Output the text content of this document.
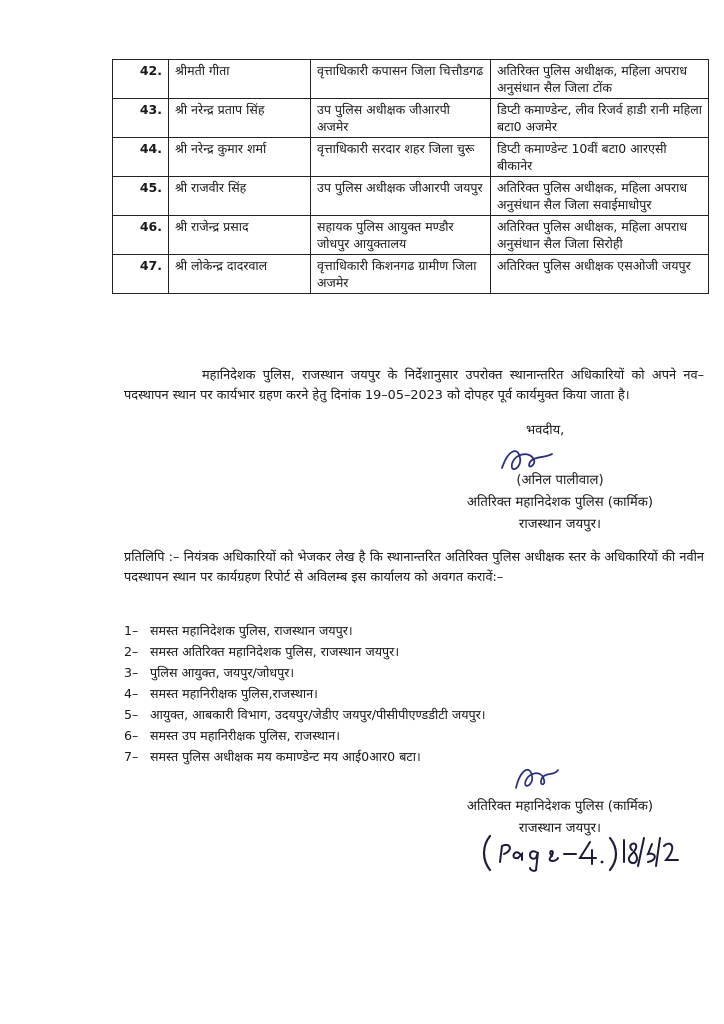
42.	श्रीमती गीता	वृत्ताधिकारी कपासन जिला चित्तौडगढ	अतिरिक्त पुलिस अधीक्षक, महिला अपराध अनुसंधान सैल जिला टोंक
43.	श्री नरेन्द्र प्रताप सिंह	उप पुलिस अधीक्षक जीआरपी अजमेर	डिप्टी कमाण्डेन्ट, लीव रिजर्व हाडी रानी महिला बटा0 अजमेर
44.	श्री नरेन्द्र कुमार शर्मा	वृत्ताधिकारी सरदार शहर जिला चुरू	डिप्टी कमाण्डेन्ट 10वीं बटा0 आरएसी बीकानेर
45.	श्री राजवीर सिंह	उप पुलिस अधीक्षक जीआरपी जयपुर	अतिरिक्त पुलिस अधीक्षक, महिला अपराध अनुसंधान सैल जिला सवाईमाधोपुर
46.	श्री राजेन्द्र प्रसाद	सहायक पुलिस आयुक्त मण्डौर जोधपुर आयुक्तालय	अतिरिक्त पुलिस अधीक्षक, महिला अपराध अनुसंधान सैल जिला सिरोही
47.	श्री लोकेन्द्र दादरवाल	वृत्ताधिकारी किशनगढ ग्रामीण जिला अजमेर	अतिरिक्त पुलिस अधीक्षक एसओजी जयपुर
महानिदेशक पुलिस, राजस्थान जयपुर के निर्देशानुसार उपरोक्त स्थानान्तरित अधिकारियों को अपने नव–पदस्थापन स्थान पर कार्यभार ग्रहण करने हेतु दिनांक 19–05–2023 को दोपहर पूर्व कार्यमुक्त किया जाता है।
भवदीय,
(अनिल पालीवाल)
अतिरिक्त महानिदेशक पुलिस (कार्मिक)
राजस्थान जयपुर।
प्रतिलिपि :– नियंत्रक अधिकारियों को भेजकर लेख है कि स्थानान्तरित अतिरिक्त पुलिस अधीक्षक स्तर के अधिकारियों की नवीन पदस्थापन स्थान पर कार्यग्रहण रिपोर्ट से अविलम्ब इस कार्यालय को अवगत करावें:–
1– समस्त महानिदेशक पुलिस, राजस्थान जयपुर।
2– समस्त अतिरिक्त महानिदेशक पुलिस, राजस्थान जयपुर।
3– पुलिस आयुक्त, जयपुर/जोधपुर।
4– समस्त महानिरीक्षक पुलिस,राजस्थान।
5– आयुक्त, आबकारी विभाग, उदयपुर/जेडीए जयपुर/पीसीपीएण्डडीटी जयपुर।
6– समस्त उप महानिरीक्षक पुलिस, राजस्थान।
7– समस्त पुलिस अधीक्षक मय कमाण्डेन्ट मय आई0आर0 बटा।
अतिरिक्त महानिदेशक पुलिस (कार्मिक)
राजस्थान जयपुर।
